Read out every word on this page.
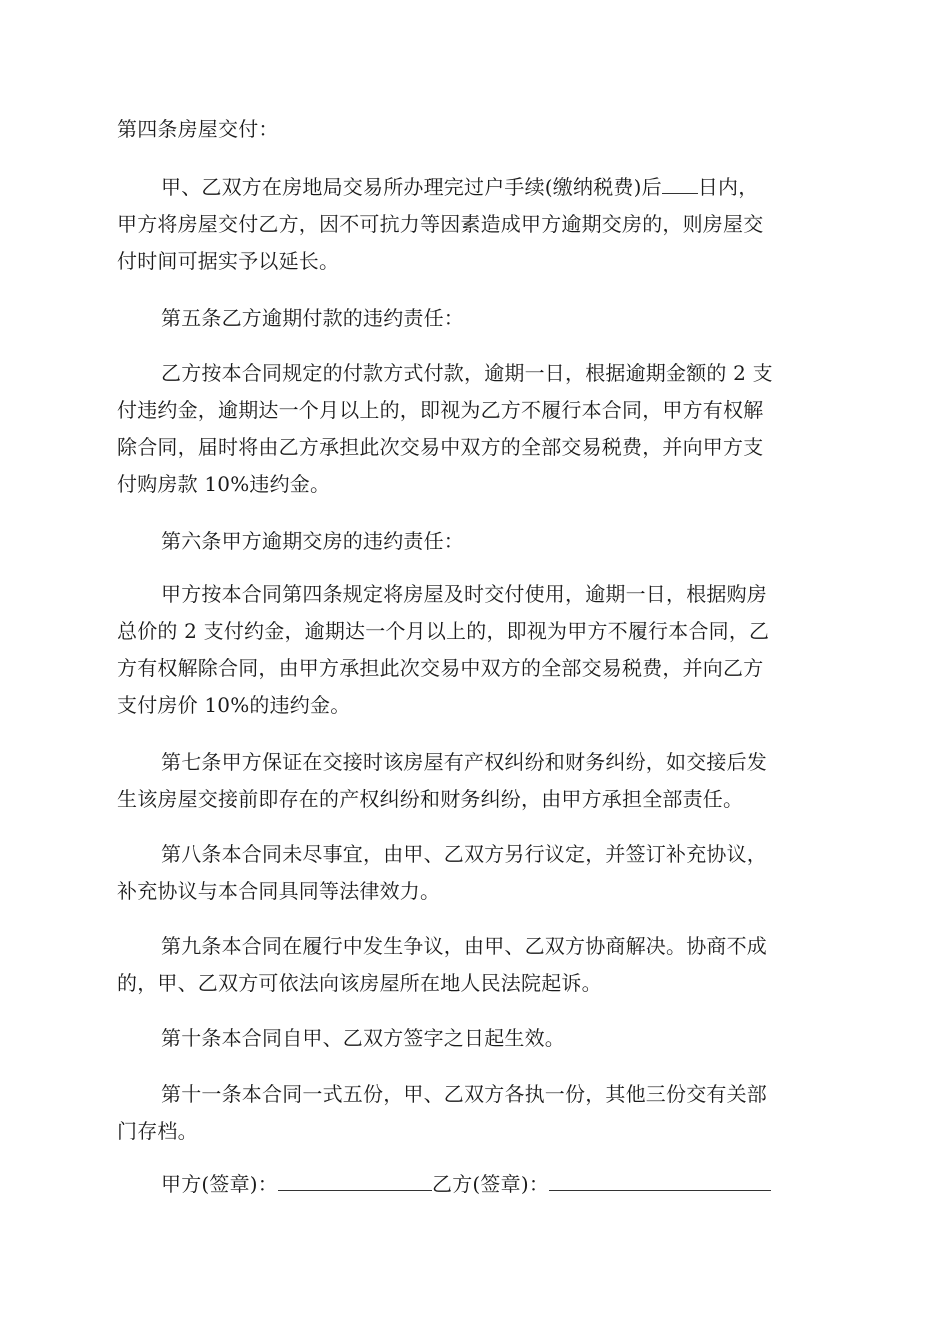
第四条房屋交付：
甲、乙双方在房地局交易所办理完过户手续(缴纳税费)后 日内，
甲方将房屋交付乙方，因不可抗力等因素造成甲方逾期交房的，则房屋交
付时间可据实予以延长。
第五条乙方逾期付款的违约责任：
乙方按本合同规定的付款方式付款，逾期一日，根据逾期金额的 2 支
付违约金，逾期达一个月以上的，即视为乙方不履行本合同，甲方有权解
除合同，届时将由乙方承担此次交易中双方的全部交易税费，并向甲方支
付购房款 10%违约金。
第六条甲方逾期交房的违约责任：
甲方按本合同第四条规定将房屋及时交付使用，逾期一日，根据购房
总价的 2 支付约金，逾期达一个月以上的，即视为甲方不履行本合同，乙
方有权解除合同，由甲方承担此次交易中双方的全部交易税费，并向乙方
支付房价 10%的违约金。
第七条甲方保证在交接时该房屋有产权纠纷和财务纠纷，如交接后发
生该房屋交接前即存在的产权纠纷和财务纠纷，由甲方承担全部责任。
第八条本合同未尽事宜，由甲、乙双方另行议定，并签订补充协议，
补充协议与本合同具同等法律效力。
第九条本合同在履行中发生争议，由甲、乙双方协商解决。协商不成
的，甲、乙双方可依法向该房屋所在地人民法院起诉。
第十条本合同自甲、乙双方签字之日起生效。
第十一条本合同一式五份，甲、乙双方各执一份，其他三份交有关部
门存档。
甲方(签章)：	乙方(签章)：
